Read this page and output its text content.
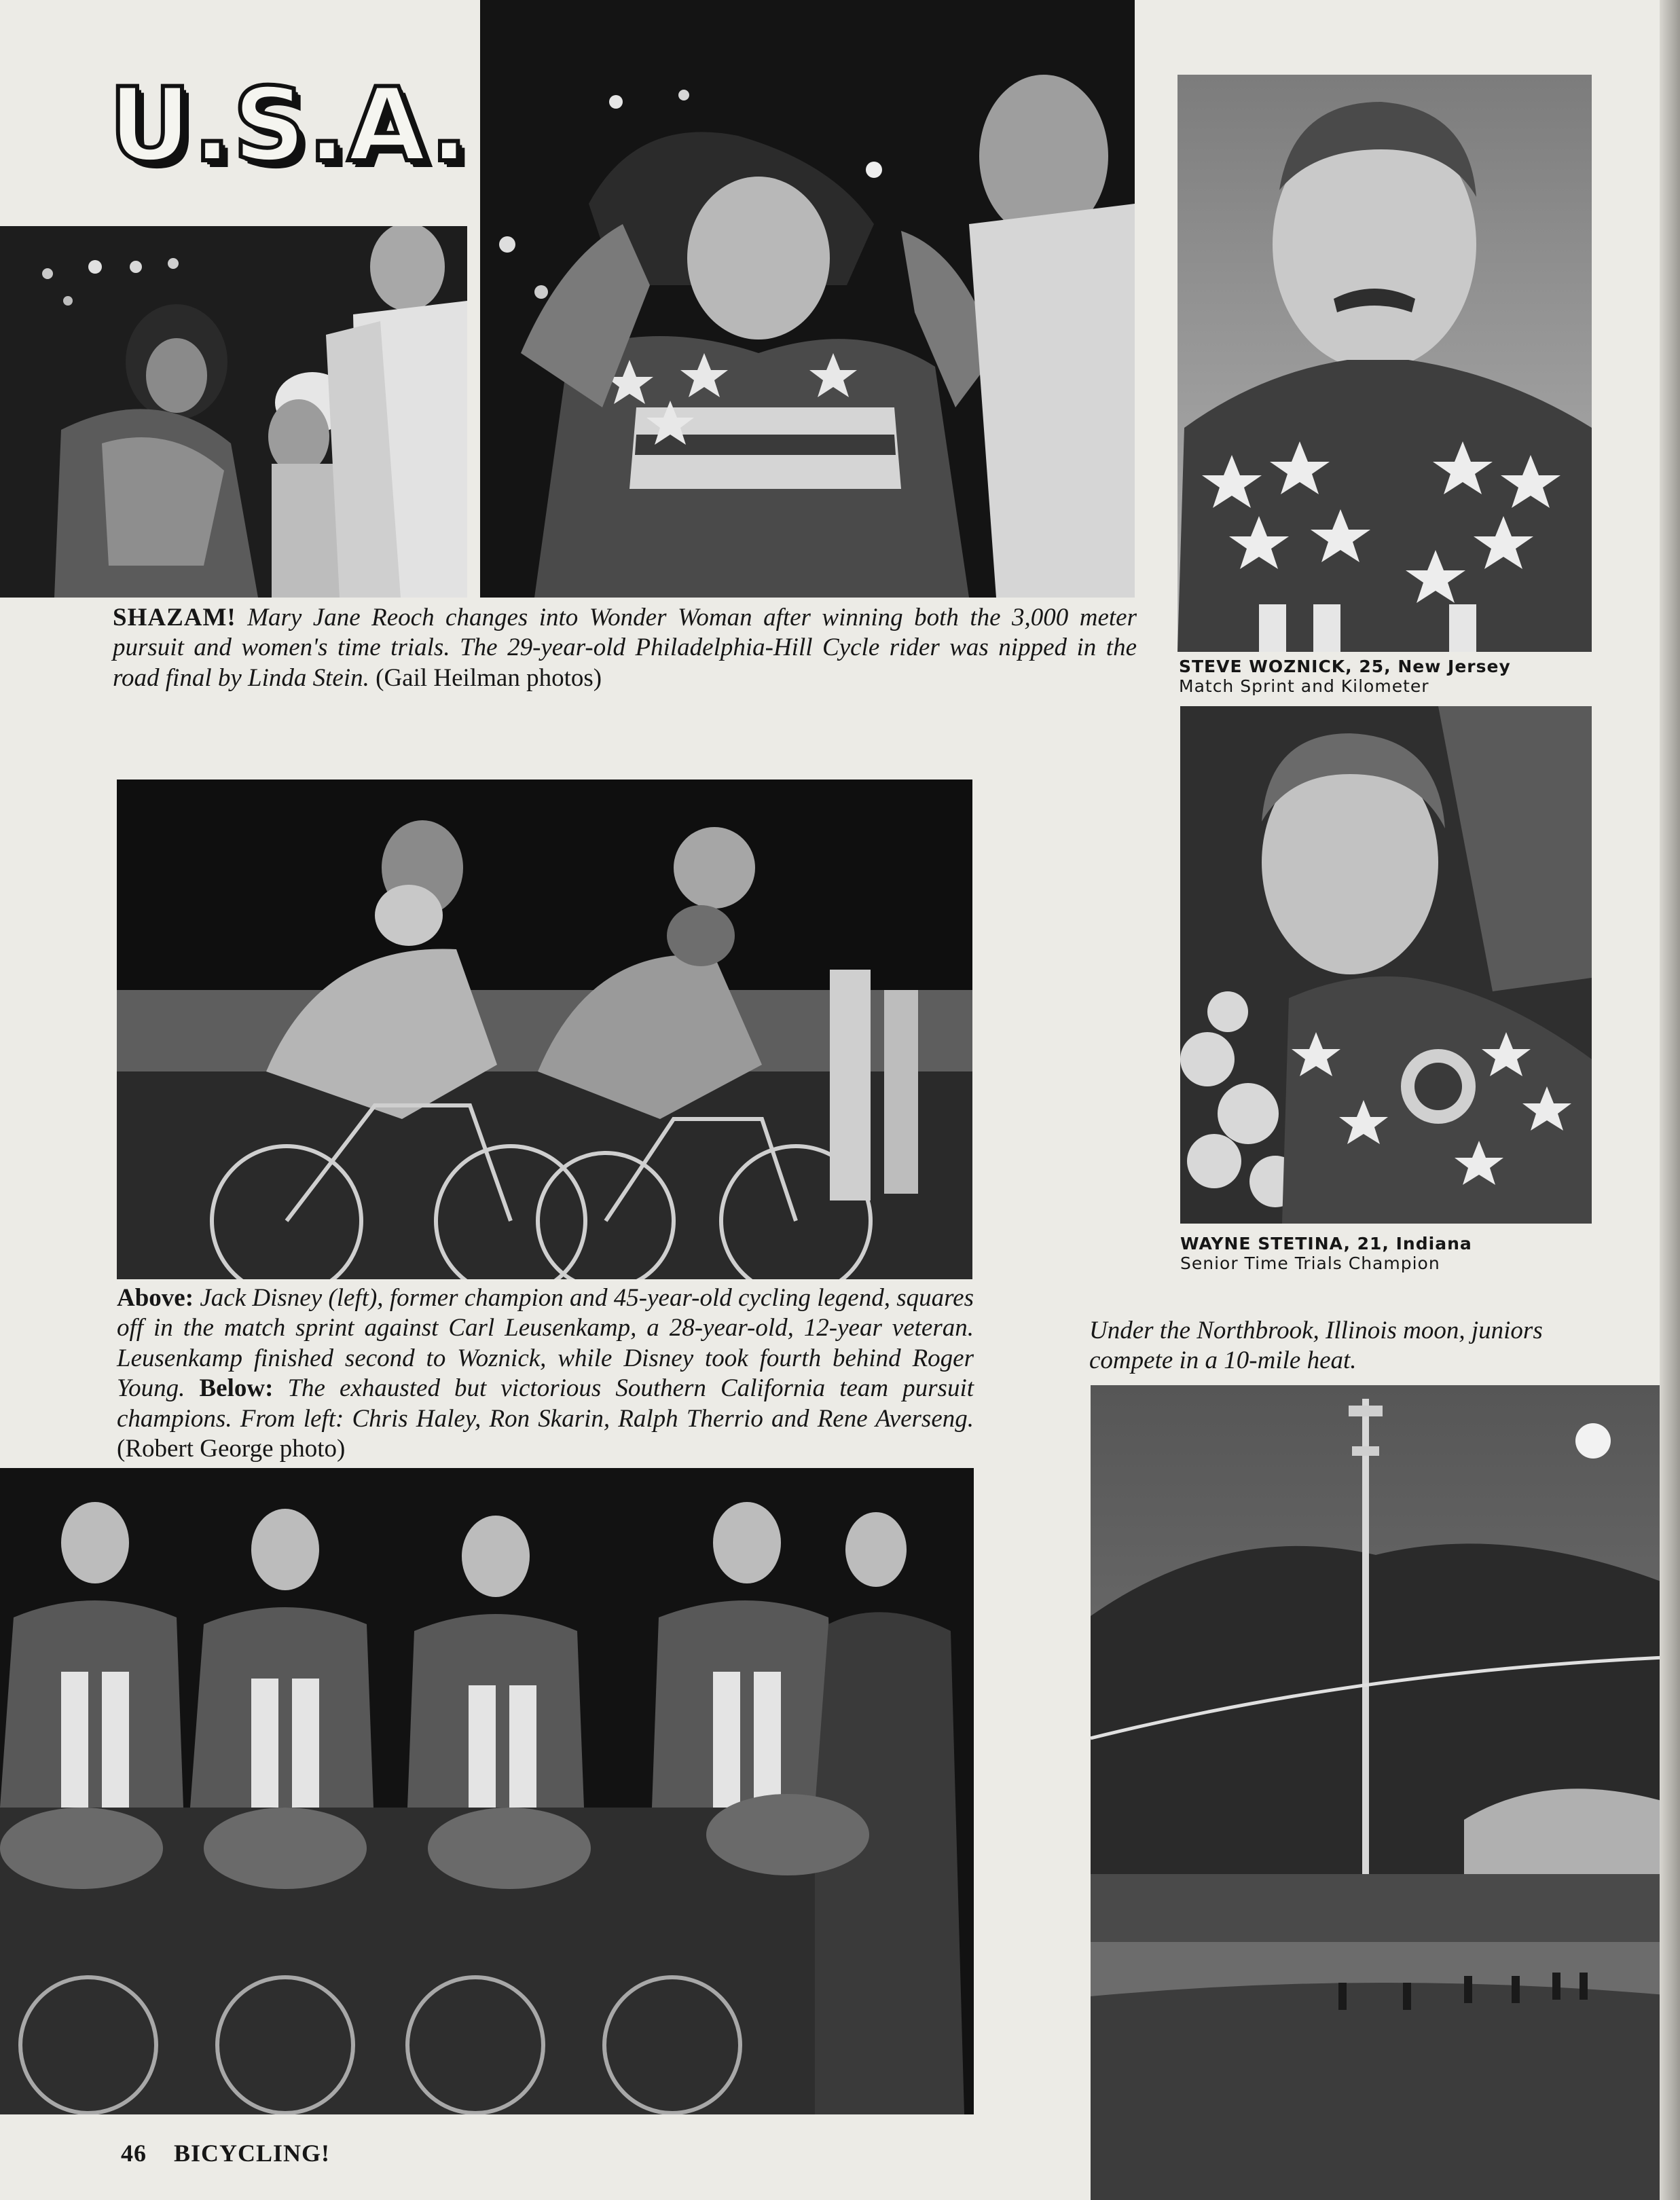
U.S.A.

SHAZAM! Mary Jane Reoch changes into Wonder Woman after winning both the 3,000 meter pursuit and women's time trials. The 29-year-old Philadelphia-Hill Cycle rider was nipped in the road final by Linda Stein. (Gail Heilman photos)	STEVE WOZNICK, 25, New Jersey
Match Sprint and Kilometer
WAYNE STETINA, 21, Indiana
Senior Time Trials Champion

Above: Jack Disney (left), former champion and 45-year-old cycling legend, squares off in the match sprint against Carl Leusenkamp, a 28-year-old, 12-year veteran. Leusenkamp finished second to Woznick, while Disney took fourth behind Roger Young. Below: The exhausted but victorious Southern California team pursuit champions. From left: Chris Haley, Ron Skarin, Ralph Therrio and Rene Averseng. (Robert George photo)

Under the Northbrook, Illinois moon, juniors compete in a 10-mile heat.

46 BICYCLING!
